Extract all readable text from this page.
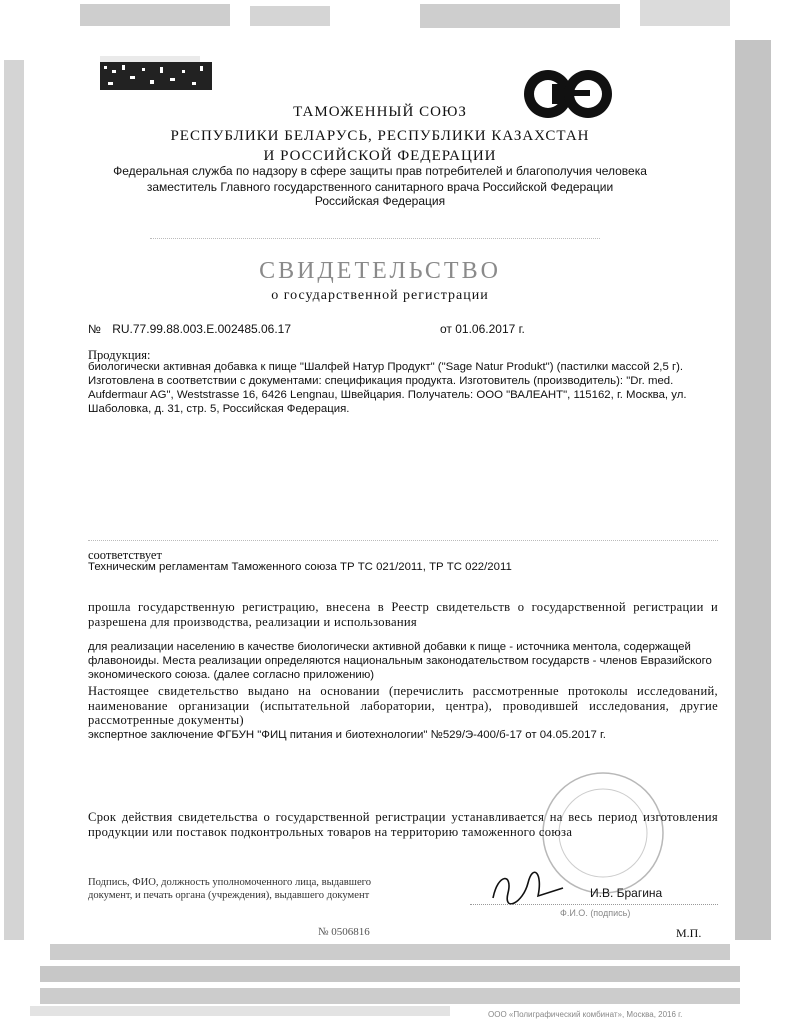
ТАМОЖЕННЫЙ СОЮЗ
РЕСПУБЛИКИ БЕЛАРУСЬ, РЕСПУБЛИКИ КАЗАХСТАН
И РОССИЙСКОЙ ФЕДЕРАЦИИ
Федеральная служба по надзору в сфере защиты прав потребителей и благополучия человека
заместитель Главного государственного санитарного врача Российской Федерации
Российская Федерация
СВИДЕТЕЛЬСТВО
о государственной регистрации
№ RU.77.99.88.003.Е.002485.06.17	от 01.06.2017 г.
Продукция:
биологически активная добавка к пище "Шалфей Натур Продукт" ("Sage Natur Produkt") (пастилки массой 2,5 г). Изготовлена в соответствии с документами: спецификация продукта. Изготовитель (производитель): "Dr. med. Aufdermaur AG", Weststrasse 16, 6426 Lengnau, Швейцария. Получатель: ООО "ВАЛЕАНТ", 115162, г. Москва, ул. Шаболовка, д. 31, стр. 5, Российская Федерация.
соответствует
Техническим регламентам Таможенного союза ТР ТС 021/2011, ТР ТС 022/2011
прошла государственную регистрацию, внесена в Реестр свидетельств о государственной регистрации и разрешена для производства, реализации и использования
для реализации населению в качестве биологически активной добавки к пище - источника ментола, содержащей флавоноиды. Места реализации определяются национальным законодательством государств - членов Евразийского экономического союза. (далее согласно приложению)
Настоящее свидетельство выдано на основании (перечислить рассмотренные протоколы исследований, наименование организации (испытательной лаборатории, центра), проводившей исследования, другие рассмотренные документы)
экспертное заключение ФГБУН "ФИЦ питания и биотехнологии" №529/Э-400/б-17 от 04.05.2017 г.
Срок действия свидетельства о государственной регистрации устанавливается на весь период изготовления продукции или поставок подконтрольных товаров на территорию таможенного союза
Подпись, ФИО, должность уполномоченного лица, выдавшего документ, и печать органа (учреждения), выдавшего документ	И.В. Брагина
Ф.И.О. (подпись)
№ 0506816	М.П.
ООО «Полиграфический комбинат», Москва, 2016 г.
